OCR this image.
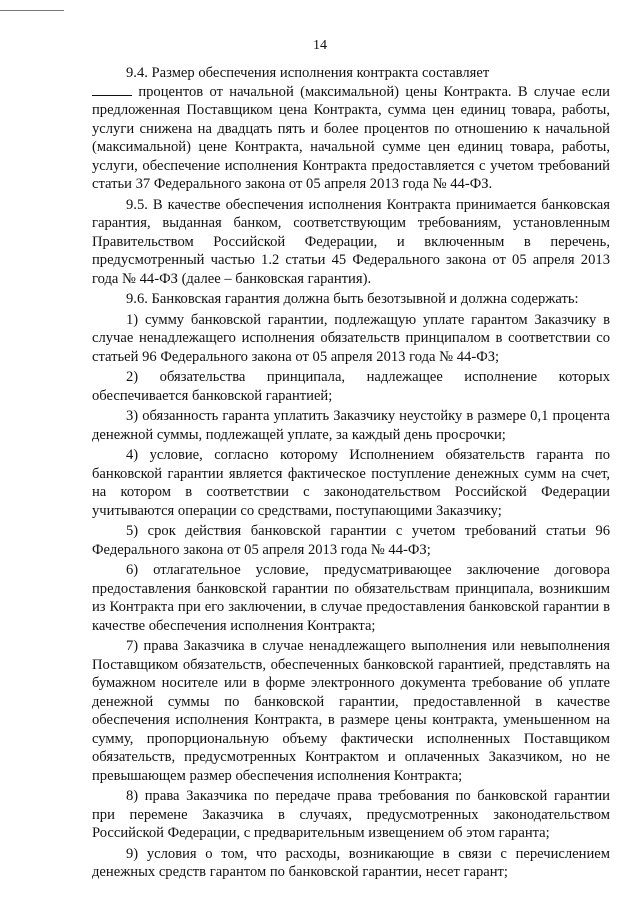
14

9.4. Размер обеспечения исполнения контракта составляет
процентов от начальной (максимальной) цены Контракта. В случае если предложенная Поставщиком цена Контракта, сумма цен единиц товара, работы, услуги снижена на двадцать пять и более процентов по отношению к начальной (максимальной) цене Контракта, начальной сумме цен единиц товара, работы, услуги, обеспечение исполнения Контракта предоставляется с учетом требований статьи 37 Федерального закона от 05 апреля 2013 года № 44-ФЗ.

9.5. В качестве обеспечения исполнения Контракта принимается банковская гарантия, выданная банком, соответствующим требованиям, установленным Правительством Российской Федерации, и включенным в перечень, предусмотренный частью 1.2 статьи 45 Федерального закона от 05 апреля 2013 года № 44-ФЗ (далее – банковская гарантия).

9.6. Банковская гарантия должна быть безотзывной и должна содержать:

1) сумму банковской гарантии, подлежащую уплате гарантом Заказчику в случае ненадлежащего исполнения обязательств принципалом в соответствии со статьей 96 Федерального закона от 05 апреля 2013 года № 44-ФЗ;

2) обязательства принципала, надлежащее исполнение которых обеспечивается банковской гарантией;

3) обязанность гаранта уплатить Заказчику неустойку в размере 0,1 процента денежной суммы, подлежащей уплате, за каждый день просрочки;

4) условие, согласно которому Исполнением обязательств гаранта по банковской гарантии является фактическое поступление денежных сумм на счет, на котором в соответствии с законодательством Российской Федерации учитываются операции со средствами, поступающими Заказчику;

5) срок действия банковской гарантии с учетом требований статьи 96 Федерального закона от 05 апреля 2013 года № 44-ФЗ;

6) отлагательное условие, предусматривающее заключение договора предоставления банковской гарантии по обязательствам принципала, возникшим из Контракта при его заключении, в случае предоставления банковской гарантии в качестве обеспечения исполнения Контракта;

7) права Заказчика в случае ненадлежащего выполнения или невыполнения Поставщиком обязательств, обеспеченных банковской гарантией, представлять на бумажном носителе или в форме электронного документа требование об уплате денежной суммы по банковской гарантии, предоставленной в качестве обеспечения исполнения Контракта, в размере цены контракта, уменьшенном на сумму, пропорциональную объему фактически исполненных Поставщиком обязательств, предусмотренных Контрактом и оплаченных Заказчиком, но не превышающем размер обеспечения исполнения Контракта;

8) права Заказчика по передаче права требования по банковской гарантии при перемене Заказчика в случаях, предусмотренных законодательством Российской Федерации, с предварительным извещением об этом гаранта;

9) условия о том, что расходы, возникающие в связи с перечислением денежных средств гарантом по банковской гарантии, несет гарант;
